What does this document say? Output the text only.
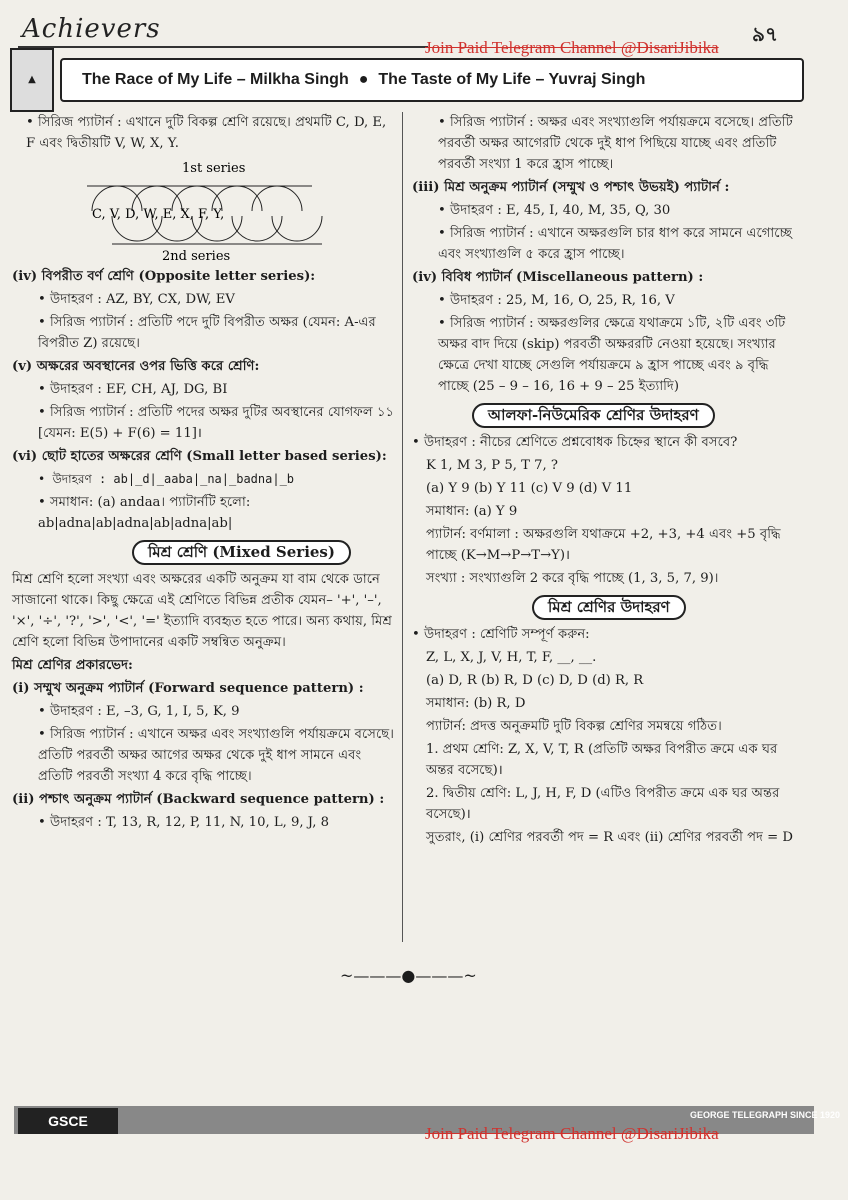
Achievers
Join Paid Telegram Channel @DisariJibika
৯৭
▲	The Race of My Life – Milkha Singh ● The Taste of My Life – Yuvraj Singh

• সিরিজ প্যাটার্ন : এখানে দুটি বিকল্প শ্রেণি রয়েছে। প্রথমটি C, D, E, F এবং দ্বিতীয়টি V, W, X, Y.

1st series
C, V, D, W, E, X, F, Y,
2nd series

(iv) বিপরীত বর্ণ শ্রেণি (Opposite letter series):

• উদাহরণ : AZ, BY, CX, DW, EV

• সিরিজ প্যাটার্ন : প্রতিটি পদে দুটি বিপরীত অক্ষর (যেমন: A-এর বিপরীত Z) রয়েছে।

(v) অক্ষরের অবস্থানের ওপর ভিত্তি করে শ্রেণি:

• উদাহরণ : EF, CH, AJ, DG, BI

• সিরিজ প্যাটার্ন : প্রতিটি পদের অক্ষর দুটির অবস্থানের যোগফল ১১ [যেমন: E(5) + F(6) = 11]।

(vi) ছোট হাতের অক্ষরের শ্রেণি (Small letter based series):

• উদাহরণ : ab|_d|_aaba|_na|_badna|_b

• সমাধান: (a) andaa। প্যাটার্নটি হলো: ab|adna|ab|adna|ab|adna|ab|

মিশ্র শ্রেণি (Mixed Series)

মিশ্র শ্রেণি হলো সংখ্যা এবং অক্ষরের একটি অনুক্রম যা বাম থেকে ডানে সাজানো থাকে। কিছু ক্ষেত্রে এই শ্রেণিতে বিভিন্ন প্রতীক যেমন– '+', '–', '×', '÷', '?', '>', '<', '=' ইত্যাদি ব্যবহৃত হতে পারে। অন্য কথায়, মিশ্র শ্রেণি হলো বিভিন্ন উপাদানের একটি সম্বন্বিত অনুক্রম।

মিশ্র শ্রেণির প্রকারভেদ:

(i) সম্মুখ অনুক্রম প্যাটার্ন (Forward sequence pattern) :

• উদাহরণ : E, –3, G, 1, I, 5, K, 9

• সিরিজ প্যাটার্ন : এখানে অক্ষর এবং সংখ্যাগুলি পর্যায়ক্রমে বসেছে। প্রতিটি পরবর্তী অক্ষর আগের অক্ষর থেকে দুই ধাপ সামনে এবং প্রতিটি পরবর্তী সংখ্যা 4 করে বৃদ্ধি পাচ্ছে।

(ii) পশ্চাৎ অনুক্রম প্যাটার্ন (Backward sequence pattern) :

• উদাহরণ : T, 13, R, 12, P, 11, N, 10, L, 9, J, 8

• সিরিজ প্যাটার্ন : অক্ষর এবং সংখ্যাগুলি পর্যায়ক্রমে বসেছে। প্রতিটি পরবর্তী অক্ষর আগেরটি থেকে দুই ধাপ পিছিয়ে যাচ্ছে এবং প্রতিটি পরবর্তী সংখ্যা 1 করে হ্রাস পাচ্ছে।

(iii) মিশ্র অনুক্রম প্যাটার্ন (সম্মুখ ও পশ্চাৎ উভয়ই) প্যাটার্ন :

• উদাহরণ : E, 45, I, 40, M, 35, Q, 30

• সিরিজ প্যাটার্ন : এখানে অক্ষরগুলি চার ধাপ করে সামনে এগোচ্ছে এবং সংখ্যাগুলি ৫ করে হ্রাস পাচ্ছে।

(iv) বিবিধ প্যাটার্ন (Miscellaneous pattern) :

• উদাহরণ : 25, M, 16, O, 25, R, 16, V

• সিরিজ প্যাটার্ন : অক্ষরগুলির ক্ষেত্রে যথাক্রমে ১টি, ২টি এবং ৩টি অক্ষর বাদ দিয়ে (skip) পরবর্তী অক্ষররটি নেওয়া হয়েছে। সংখ্যার ক্ষেত্রে দেখা যাচ্ছে সেগুলি পর্যায়ক্রমে ৯ হ্রাস পাচ্ছে এবং ৯ বৃদ্ধি পাচ্ছে (25 – 9 – 16, 16 + 9 – 25 ইত্যাদি)

আলফা-নিউমেরিক শ্রেণির উদাহরণ

• উদাহরণ : নীচের শ্রেণিতে প্রশ্নবোধক চিহ্নের স্থানে কী বসবে?

K 1, M 3, P 5, T 7, ?

(a) Y 9 (b) Y 11 (c) V 9 (d) V 11

সমাধান: (a) Y 9

প্যাটার্ন: বর্ণমালা : অক্ষরগুলি যথাক্রমে +2, +3, +4 এবং +5 বৃদ্ধি পাচ্ছে (K→M→P→T→Y)।

সংখ্যা : সংখ্যাগুলি 2 করে বৃদ্ধি পাচ্ছে (1, 3, 5, 7, 9)।

মিশ্র শ্রেণির উদাহরণ

• উদাহরণ : শ্রেণিটি সম্পূর্ণ করুন:

Z, L, X, J, V, H, T, F, __, __.

(a) D, R (b) R, D (c) D, D (d) R, R

সমাধান: (b) R, D

প্যাটার্ন: প্রদত্ত অনুক্রমটি দুটি বিকল্প শ্রেণির সমন্বয়ে গঠিত।

1. প্রথম শ্রেণি: Z, X, V, T, R (প্রতিটি অক্ষর বিপরীত ক্রমে এক ঘর অন্তর বসেছে)।

2. দ্বিতীয় শ্রেণি: L, J, H, F, D (এটিও বিপরীত ক্রমে এক ঘর অন্তর বসেছে)।

সুতরাং, (i) শ্রেণির পরবর্তী পদ = R এবং (ii) শ্রেণির পরবর্তী পদ = D

~———●———~
GSCE	GEORGE TELEGRAPH SINCE 1920
Join Paid Telegram Channel @DisariJibika
